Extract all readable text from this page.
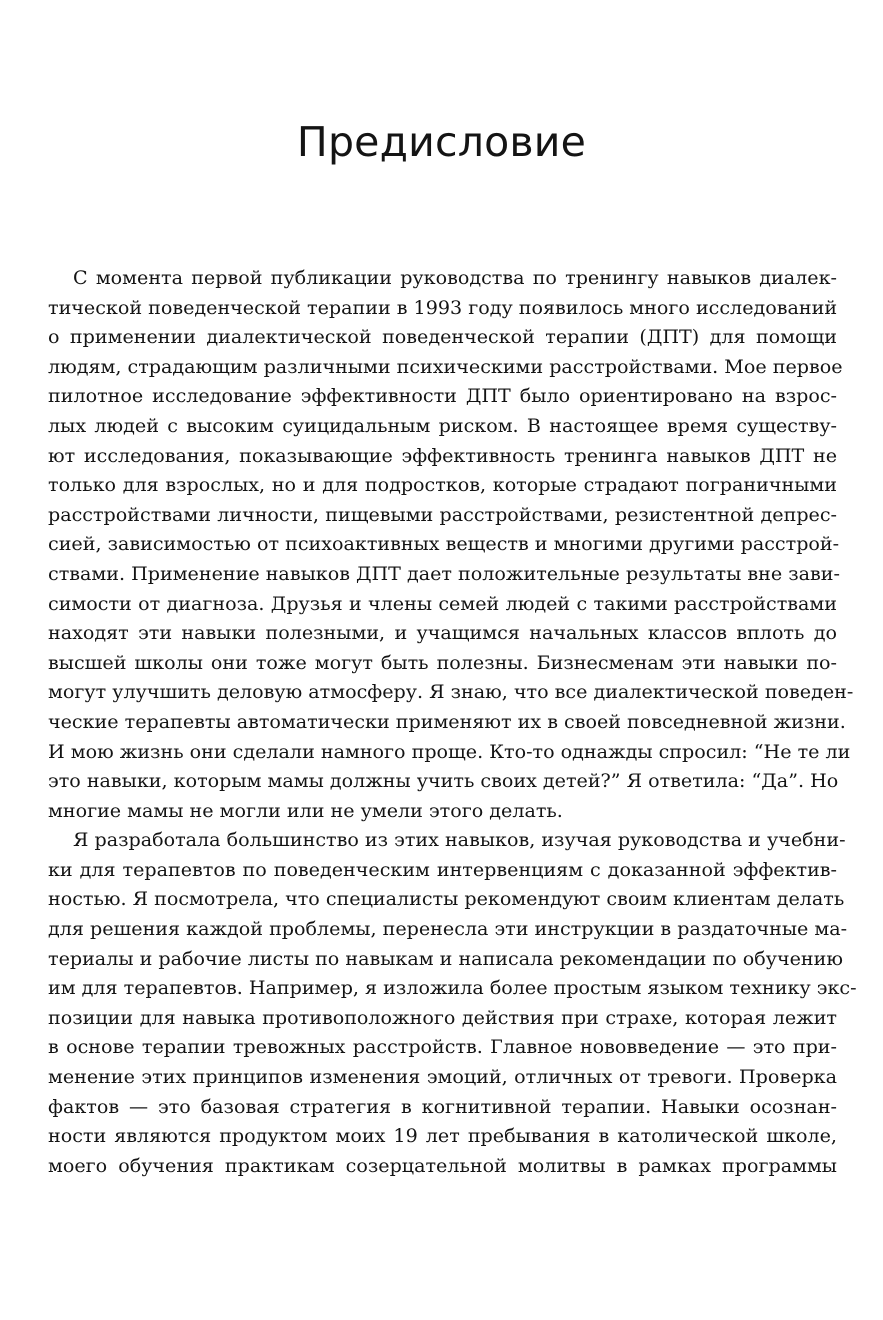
Предисловие
С момента первой публикации руководства по тренингу навыков диалек-
тической поведенческой терапии в 1993 году появилось много исследований
о применении диалектической поведенческой терапии (ДПТ) для помощи
людям, страдающим различными психическими расстройствами. Мое первое
пилотное исследование эффективности ДПТ было ориентировано на взрос-
лых людей с высоким суицидальным риском. В настоящее время существу-
ют исследования, показывающие эффективность тренинга навыков ДПТ не
только для взрослых, но и для подростков, которые страдают пограничными
расстройствами личности, пищевыми расстройствами, резистентной депрес-
сией, зависимостью от психоактивных веществ и многими другими расстрой-
ствами. Применение навыков ДПТ дает положительные результаты вне зави-
симости от диагноза. Друзья и члены семей людей с такими расстройствами
находят эти навыки полезными, и учащимся начальных классов вплоть до
высшей школы они тоже могут быть полезны. Бизнесменам эти навыки по-
могут улучшить деловую атмосферу. Я знаю, что все диалектической поведен-
ческие терапевты автоматически применяют их в своей повседневной жизни.
И мою жизнь они сделали намного проще. Кто-то однажды спросил: “Не те ли
это навыки, которым мамы должны учить своих детей?” Я ответила: “Да”. Но
многие мамы не могли или не умели этого делать.
Я разработала большинство из этих навыков, изучая руководства и учебни-
ки для терапевтов по поведенческим интервенциям с доказанной эффектив-
ностью. Я посмотрела, что специалисты рекомендуют своим клиентам делать
для решения каждой проблемы, перенесла эти инструкции в раздаточные ма-
териалы и рабочие листы по навыкам и написала рекомендации по обучению
им для терапевтов. Например, я изложила более простым языком технику экс-
позиции для навыка противоположного действия при страхе, которая лежит
в основе терапии тревожных расстройств. Главное нововведение — это при-
менение этих принципов изменения эмоций, отличных от тревоги. Проверка
фактов — это базовая стратегия в когнитивной терапии. Навыки осознан-
ности являются продуктом моих 19 лет пребывания в католической школе,
моего обучения практикам созерцательной молитвы в рамках программы
